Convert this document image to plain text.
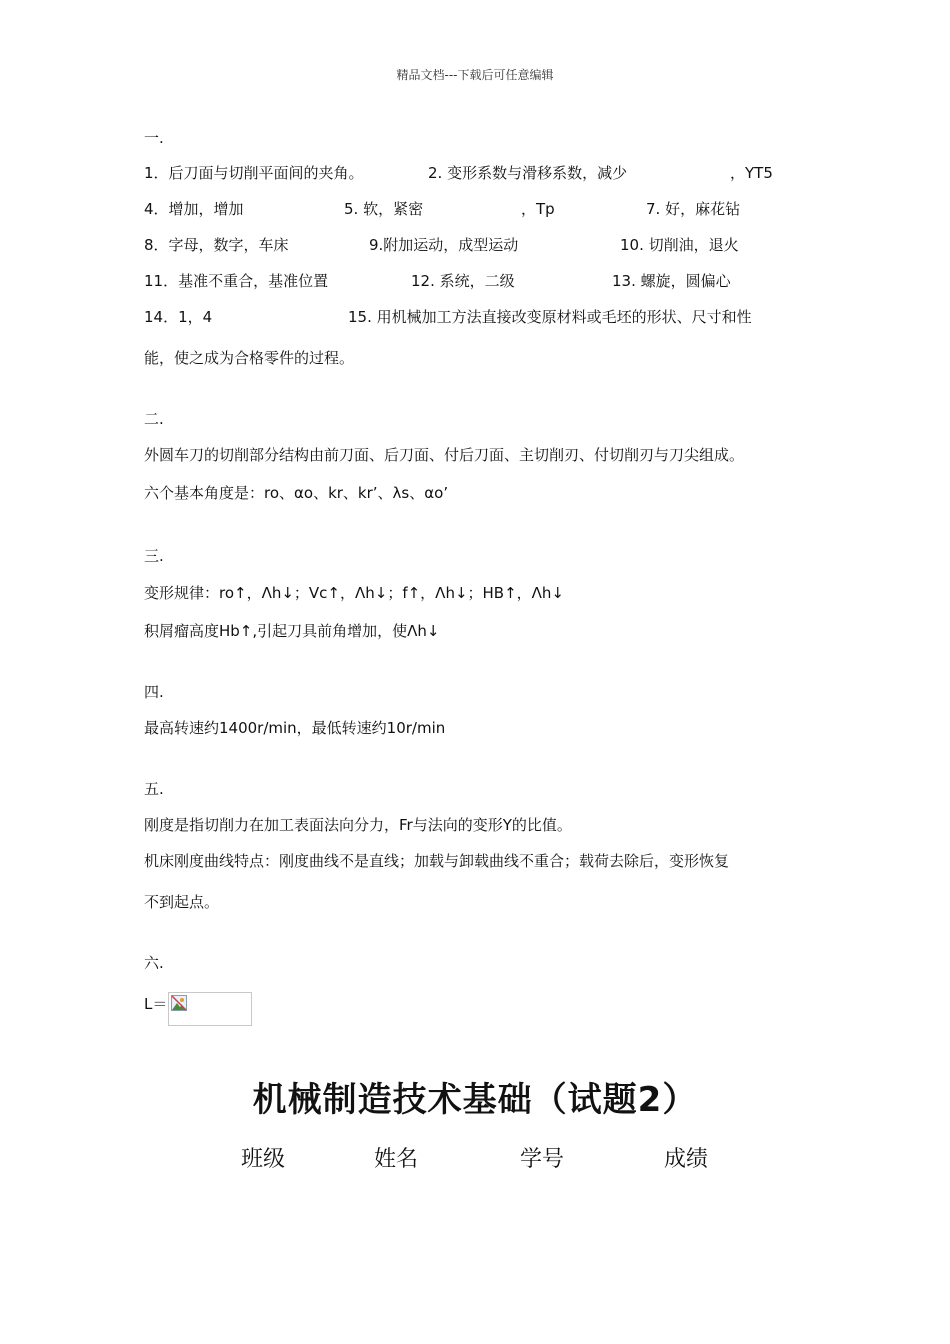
精品文档---下载后可任意编辑
一.
1．后刀面与切削平面间的夹角。	2. 变形系数与滑移系数，减少	，YT5
4．增加，增加	5. 软，紧密	，Tp	7. 好，麻花钻
8．字母，数字，车床	9.附加运动，成型运动	10. 切削油，退火
11．基准不重合，基准位置	12. 系统，二级	13. 螺旋，圆偏心
14．1，4	15. 用机械加工方法直接改变原材料或毛坯的形状、尺寸和性
能，使之成为合格零件的过程。
二.
外圆车刀的切削部分结构由前刀面、后刀面、付后刀面、主切削刃、付切削刃与刀尖组成。
六个基本角度是：ro、αo、kr、kr’、λs、αo’
三.
变形规律：ro↑，Λh↓；Vc↑，Λh↓；f↑，Λh↓；HB↑，Λh↓
积屑瘤高度Hb↑,引起刀具前角增加，使Λh↓
四.
最高转速约1400r/min，最低转速约10r/min
五.
刚度是指切削力在加工表面法向分力，Fr与法向的变形Y的比值。
机床刚度曲线特点：刚度曲线不是直线；加载与卸载曲线不重合；载荷去除后，变形恢复
不到起点。
六.
L＝
机械制造技术基础（试题2）
班级	姓名	学号	成绩
